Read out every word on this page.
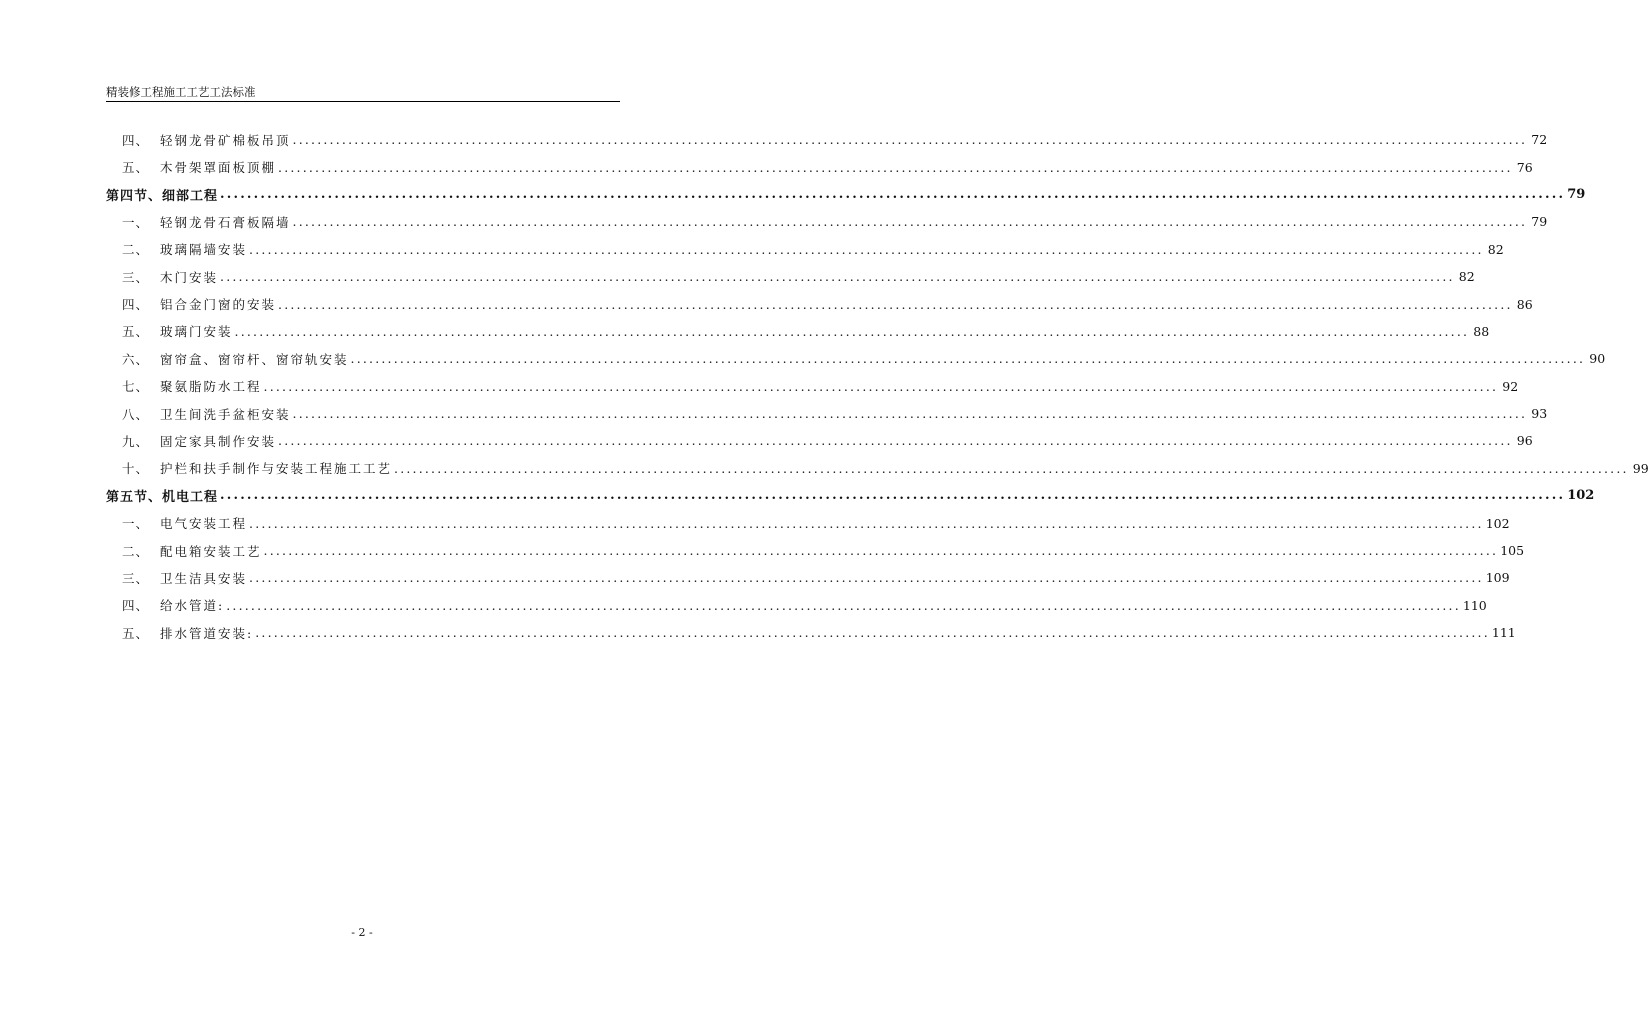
精装修工程施工工艺工法标准
四、 轻钢龙骨矿棉板吊顶 ........................................................................................................................................................................................................ 72
五、 木骨架罩面板顶棚 ........................................................................................................................................................................................................ 76
第四节、细部工程 ........................................................................................................................................................................................................ 79
一、 轻钢龙骨石膏板隔墙 ........................................................................................................................................................................................................ 79
二、 玻璃隔墙安装 ........................................................................................................................................................................................................ 82
三、 木门安装 ........................................................................................................................................................................................................ 82
四、 铝合金门窗的安装 ........................................................................................................................................................................................................ 86
五、 玻璃门安装 ........................................................................................................................................................................................................ 88
六、 窗帘盒、窗帘杆、窗帘轨安装 ........................................................................................................................................................................................................ 90
七、 聚氨脂防水工程 ........................................................................................................................................................................................................ 92
八、 卫生间洗手盆柜安装 ........................................................................................................................................................................................................ 93
九、 固定家具制作安装 ........................................................................................................................................................................................................ 96
十、 护栏和扶手制作与安装工程施工工艺 ........................................................................................................................................................................................................ 99
第五节、机电工程 ........................................................................................................................................................................................................ 102
一、 电气安装工程 ........................................................................................................................................................................................................ 102
二、 配电箱安装工艺 ........................................................................................................................................................................................................ 105
三、 卫生洁具安装 ........................................................................................................................................................................................................ 109
四、 给水管道: ........................................................................................................................................................................................................ 110
五、 排水管道安装: ........................................................................................................................................................................................................ 111
- 2 -
